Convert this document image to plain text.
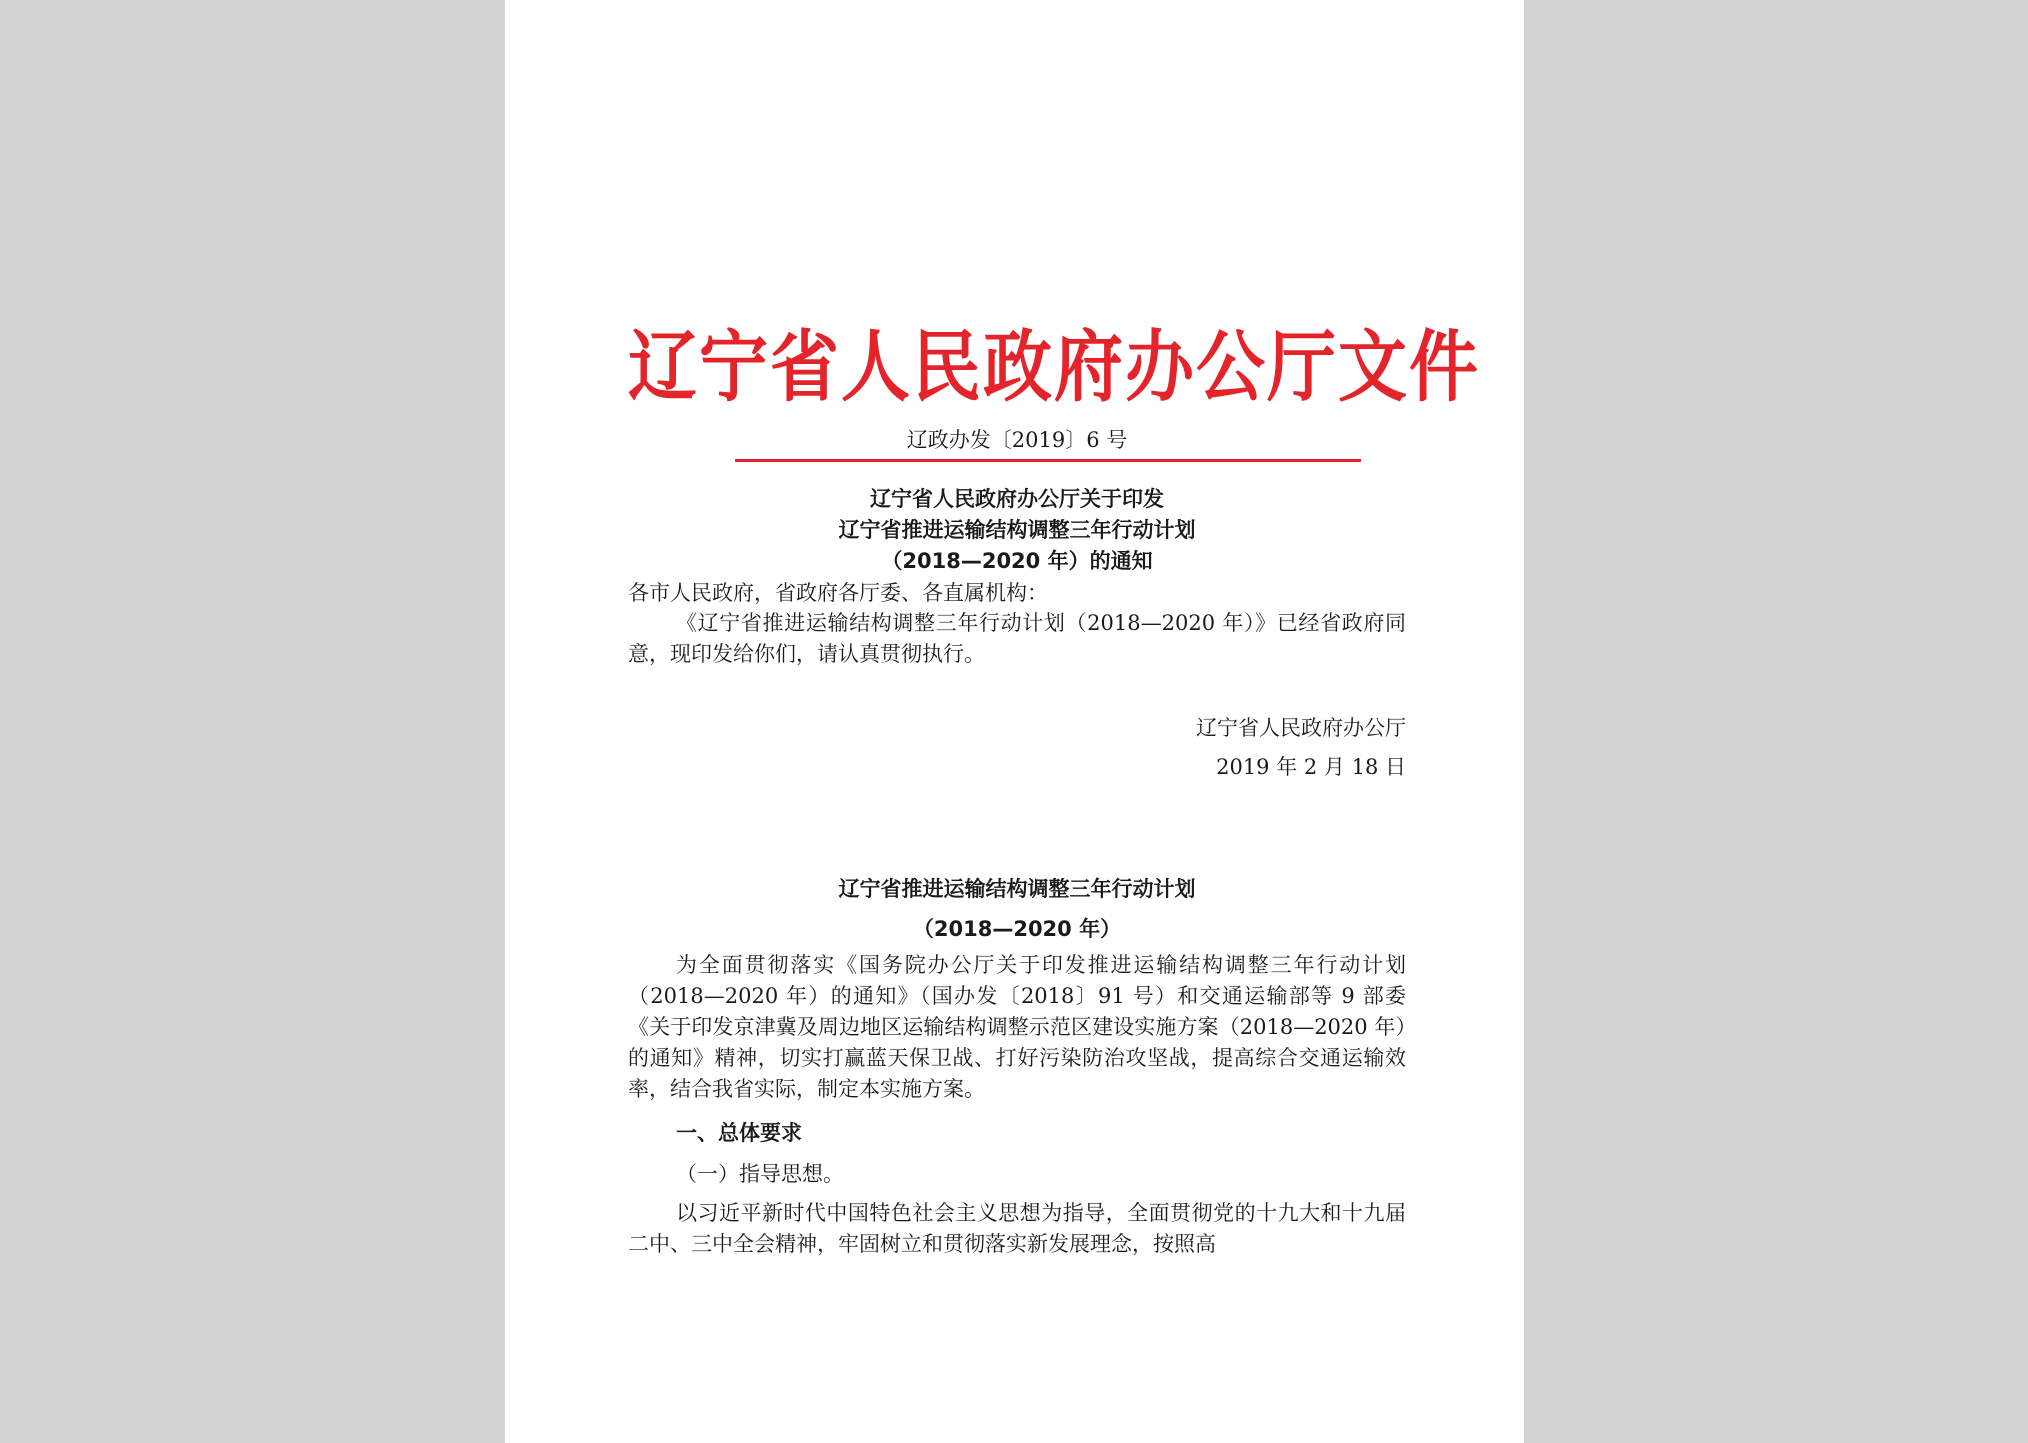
辽宁省人民政府办公厅文件
辽政办发〔2019〕6 号
辽宁省人民政府办公厅关于印发
辽宁省推进运输结构调整三年行动计划
（2018—2020 年）的通知

各市人民政府，省政府各厅委、各直属机构：

《辽宁省推进运输结构调整三年行动计划（2018—2020 年）》已经省政府同意，现印发给你们，请认真贯彻执行。

辽宁省人民政府办公厅
2019 年 2 月 18 日
辽宁省推进运输结构调整三年行动计划
（2018—2020 年）

为全面贯彻落实《国务院办公厅关于印发推进运输结构调整三年行动计划（2018—2020 年）的通知》（国办发〔2018〕91 号）和交通运输部等 9 部委《关于印发京津冀及周边地区运输结构调整示范区建设实施方案（2018—2020 年）的通知》精神，切实打赢蓝天保卫战、打好污染防治攻坚战，提高综合交通运输效率，结合我省实际，制定本实施方案。

一、总体要求
（一）指导思想。

以习近平新时代中国特色社会主义思想为指导，全面贯彻党的十九大和十九届二中、三中全会精神，牢固树立和贯彻落实新发展理念，按照高
